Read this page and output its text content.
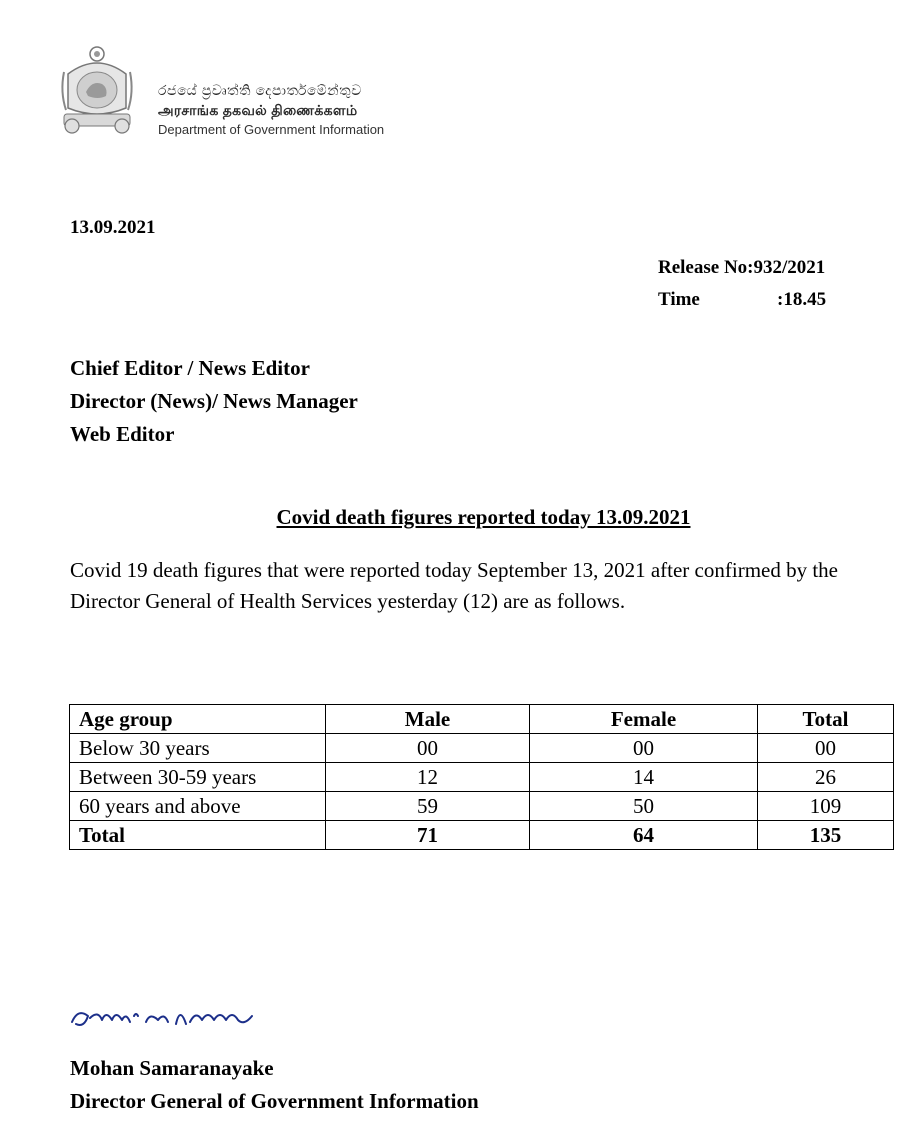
රජයේ ප්‍රවෘත්ති දෙපාර්තමේන්තුව
அரசாங்க தகவல் திணைக்களம்
Department of Government Information
13.09.2021
Release No:932/2021
Time	:18.45
Chief Editor / News Editor
Director (News)/ News Manager
Web Editor
Covid death figures reported today 13.09.2021
Covid 19 death figures that were reported today September 13, 2021 after confirmed by the Director General of Health Services yesterday (12) are as follows.
Age group	Male	Female	Total
Below 30 years	00	00	00
Between 30-59 years	12	14	26
60 years and above	59	50	109
Total	71	64	135
Mohan Samaranayake
Director General of Government Information
